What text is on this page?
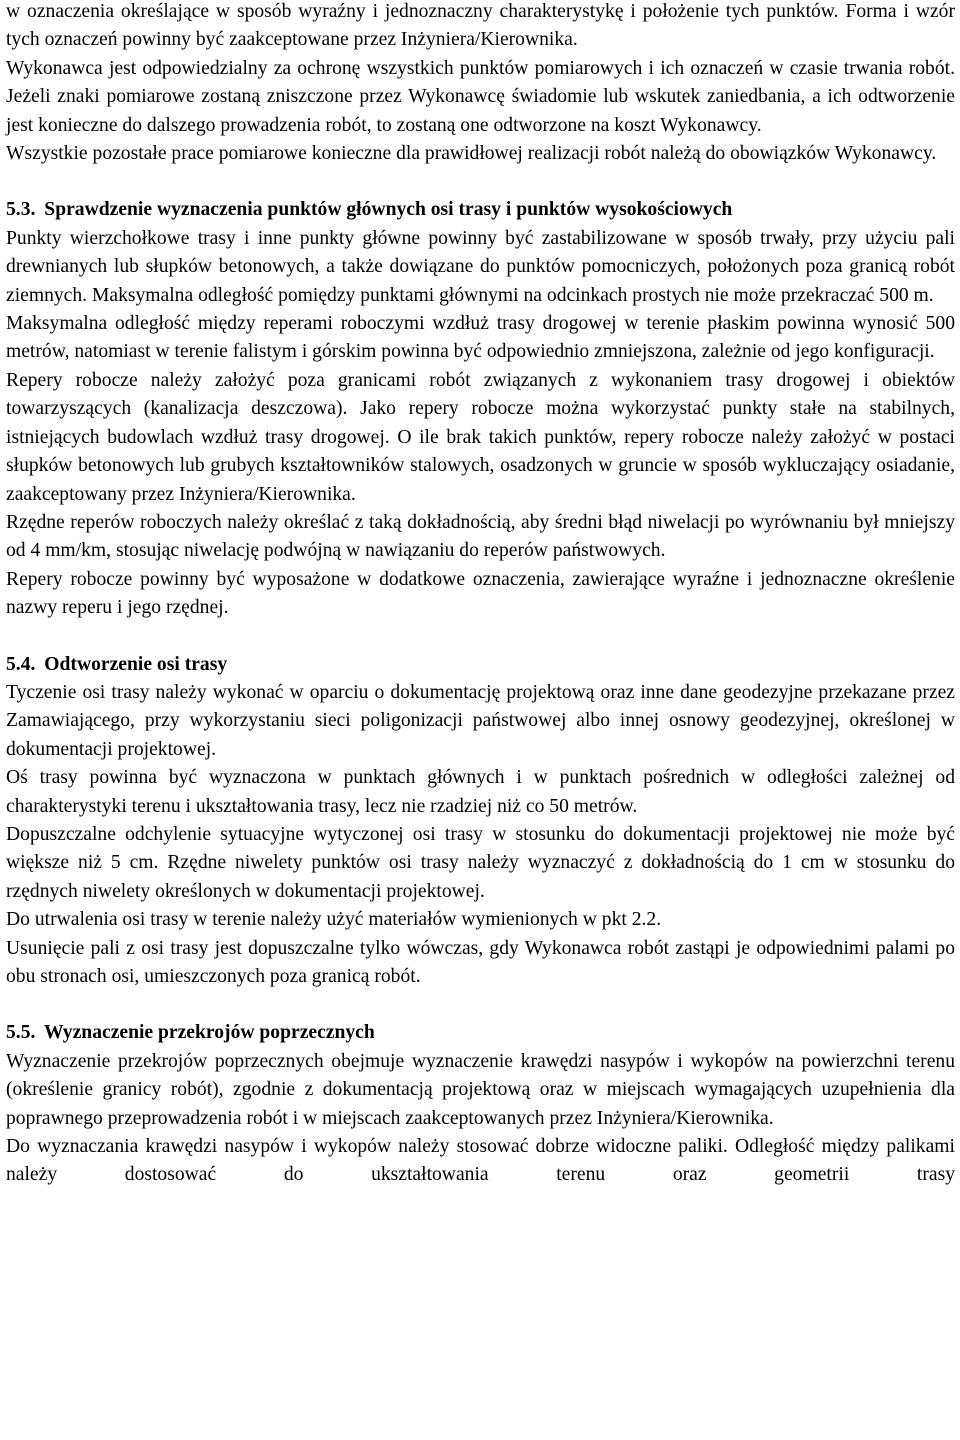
w oznaczenia określające w sposób wyraźny i jednoznaczny charakterystykę i położenie tych punktów. Forma i wzór tych oznaczeń powinny być zaakceptowane przez Inżyniera/Kierownika.

Wykonawca jest odpowiedzialny za ochronę wszystkich punktów pomiarowych i ich oznaczeń w czasie trwania robót. Jeżeli znaki pomiarowe zostaną zniszczone przez Wykonawcę świadomie lub wskutek zaniedbania, a ich odtworzenie jest konieczne do dalszego prowadzenia robót, to zostaną one odtworzone na koszt Wykonawcy.

Wszystkie pozostałe prace pomiarowe konieczne dla prawidłowej realizacji robót należą do obowiązków Wykonawcy.

5.3. Sprawdzenie wyznaczenia punktów głównych osi trasy i punktów wysokościowych

Punkty wierzchołkowe trasy i inne punkty główne powinny być zastabilizowane w sposób trwały, przy użyciu pali drewnianych lub słupków betonowych, a także dowiązane do punktów pomocniczych, położonych poza granicą robót ziemnych. Maksymalna odległość pomiędzy punktami głównymi na odcinkach prostych nie może przekraczać 500 m.

Maksymalna odległość między reperami roboczymi wzdłuż trasy drogowej w terenie płaskim powinna wynosić 500 metrów, natomiast w terenie falistym i górskim powinna być odpowiednio zmniejszona, zależnie od jego konfiguracji.

Repery robocze należy założyć poza granicami robót związanych z wykonaniem trasy drogowej i obiektów towarzyszących (kanalizacja deszczowa). Jako repery robocze można wykorzystać punkty stałe na stabilnych, istniejących budowlach wzdłuż trasy drogowej. O ile brak takich punktów, repery robocze należy założyć w postaci słupków betonowych lub grubych kształtowników stalowych, osadzonych w gruncie w sposób wykluczający osiadanie, zaakceptowany przez Inżyniera/Kierownika.

Rzędne reperów roboczych należy określać z taką dokładnością, aby średni błąd niwelacji po wyrównaniu był mniejszy od 4 mm/km, stosując niwelację podwójną w nawiązaniu do reperów państwowych.

Repery robocze powinny być wyposażone w dodatkowe oznaczenia, zawierające wyraźne i jednoznaczne określenie nazwy reperu i jego rzędnej.

5.4. Odtworzenie osi trasy

Tyczenie osi trasy należy wykonać w oparciu o dokumentację projektową oraz inne dane geodezyjne przekazane przez Zamawiającego, przy wykorzystaniu sieci poligonizacji państwowej albo innej osnowy geodezyjnej, określonej w dokumentacji projektowej.

Oś trasy powinna być wyznaczona w punktach głównych i w punktach pośrednich w odległości zależnej od charakterystyki terenu i ukształtowania trasy, lecz nie rzadziej niż co 50 metrów.

Dopuszczalne odchylenie sytuacyjne wytyczonej osi trasy w stosunku do dokumentacji projektowej nie może być większe niż 5 cm. Rzędne niwelety punktów osi trasy należy wyznaczyć z dokładnością do 1 cm w stosunku do rzędnych niwelety określonych w dokumentacji projektowej.

Do utrwalenia osi trasy w terenie należy użyć materiałów wymienionych w pkt 2.2.

Usunięcie pali z osi trasy jest dopuszczalne tylko wówczas, gdy Wykonawca robót zastąpi je odpowiednimi palami po obu stronach osi, umieszczonych poza granicą robót.

5.5. Wyznaczenie przekrojów poprzecznych

Wyznaczenie przekrojów poprzecznych obejmuje wyznaczenie krawędzi nasypów i wykopów na powierzchni terenu (określenie granicy robót), zgodnie z dokumentacją projektową oraz w miejscach wymagających uzupełnienia dla poprawnego przeprowadzenia robót i w miejscach zaakceptowanych przez Inżyniera/Kierownika.

Do wyznaczania krawędzi nasypów i wykopów należy stosować dobrze widoczne paliki. Odległość między palikami należy dostosować do ukształtowania terenu oraz geometrii trasy
